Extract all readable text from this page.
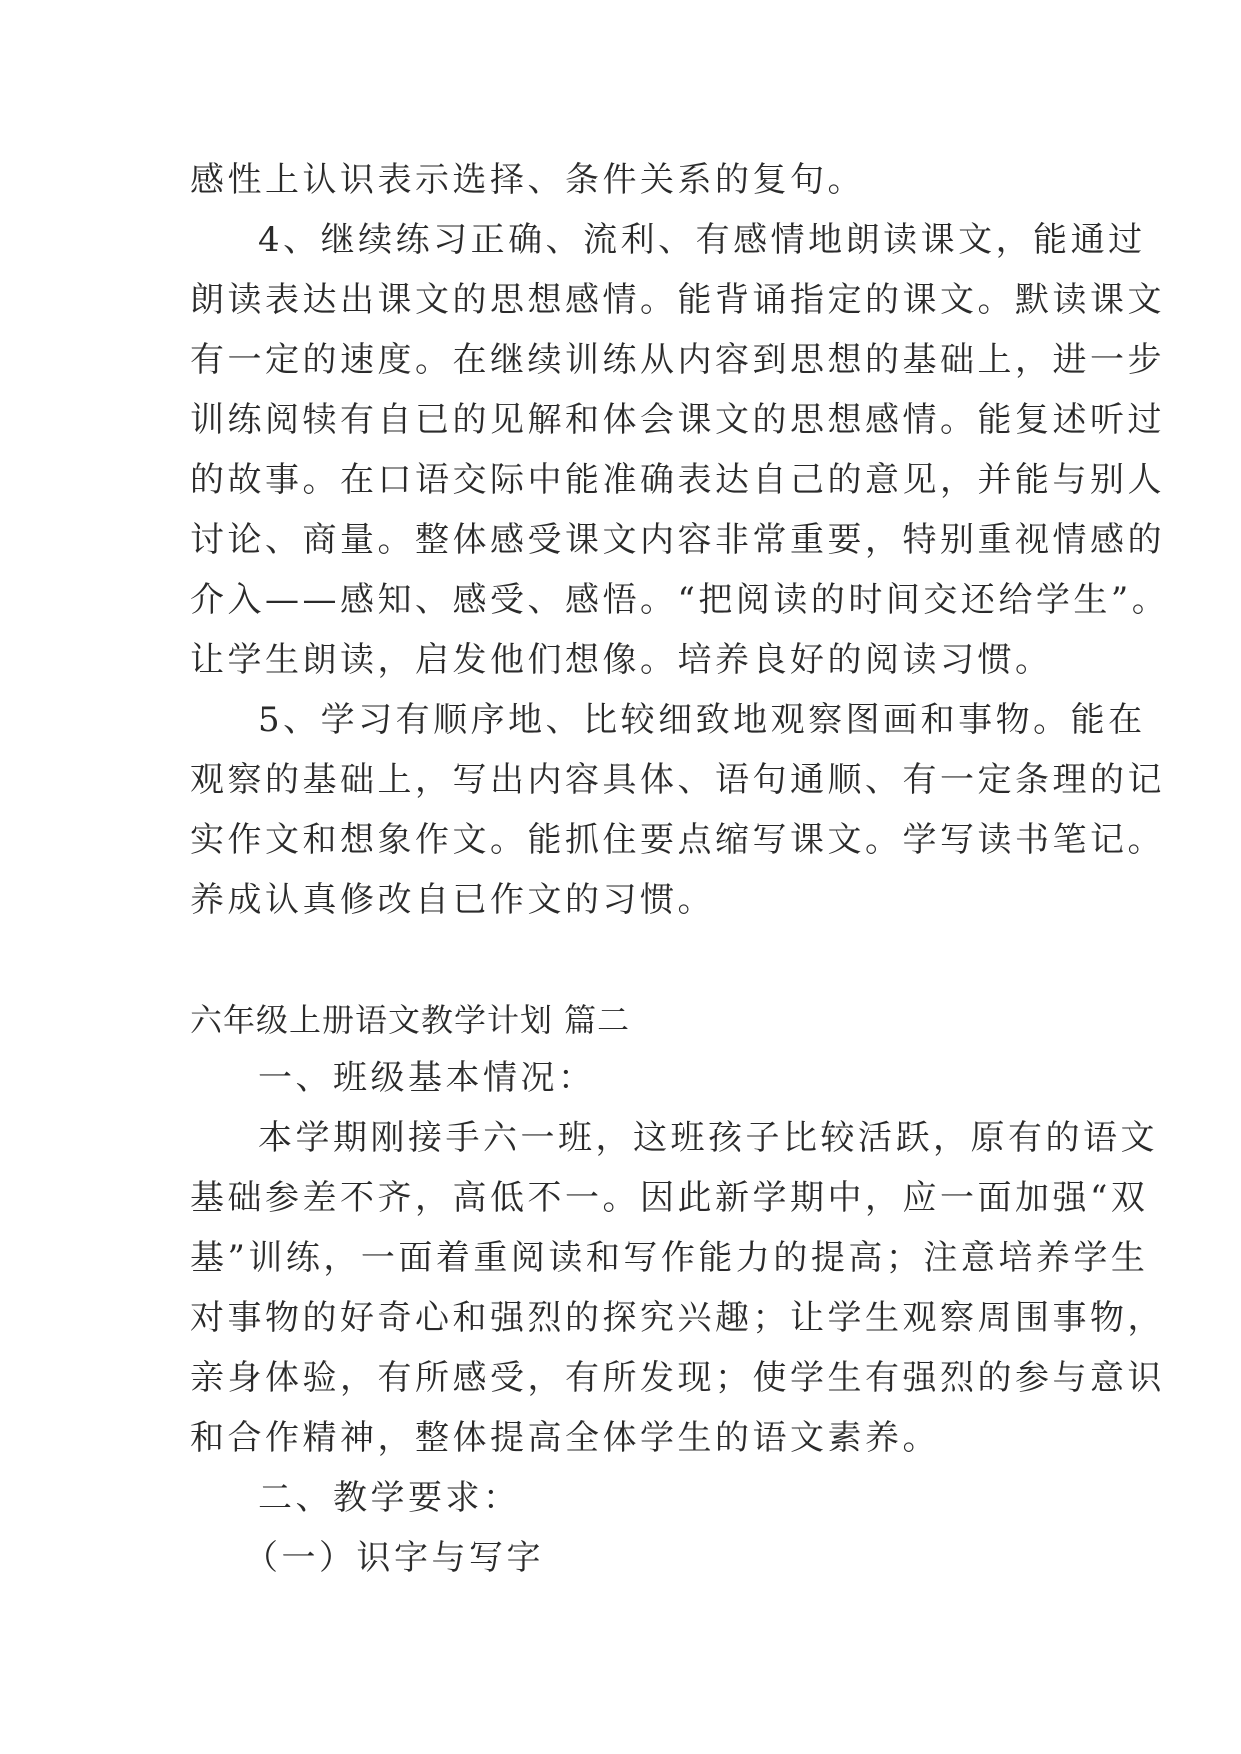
感性上认识表示选择、条件关系的复句。

4、继续练习正确、流利、有感情地朗读课文，能通过

朗读表达出课文的思想感情。能背诵指定的课文。默读课文

有一定的速度。在继续训练从内容到思想的基础上，进一步

训练阅犊有自已的见解和体会课文的思想感情。能复述听过

的故事。在口语交际中能准确表达自己的意见，并能与别人

讨论、商量。整体感受课文内容非常重要，特别重视情感的

介入——感知、感受、感悟。“把阅读的时间交还给学生”。

让学生朗读，启发他们想像。培养良好的阅读习惯。

5、学习有顺序地、比较细致地观察图画和事物。能在

观察的基础上，写出内容具体、语句通顺、有一定条理的记

实作文和想象作文。能抓住要点缩写课文。学写读书笔记。

养成认真修改自已作文的习惯。

六年级上册语文教学计划 篇二

一、班级基本情况：

本学期刚接手六一班，这班孩子比较活跃，原有的语文

基础参差不齐，高低不一。因此新学期中，应一面加强“双

基”训练，一面着重阅读和写作能力的提高；注意培养学生

对事物的好奇心和强烈的探究兴趣；让学生观察周围事物，

亲身体验，有所感受，有所发现；使学生有强烈的参与意识

和合作精神，整体提高全体学生的语文素养。

二、教学要求：

（一）识字与写字
